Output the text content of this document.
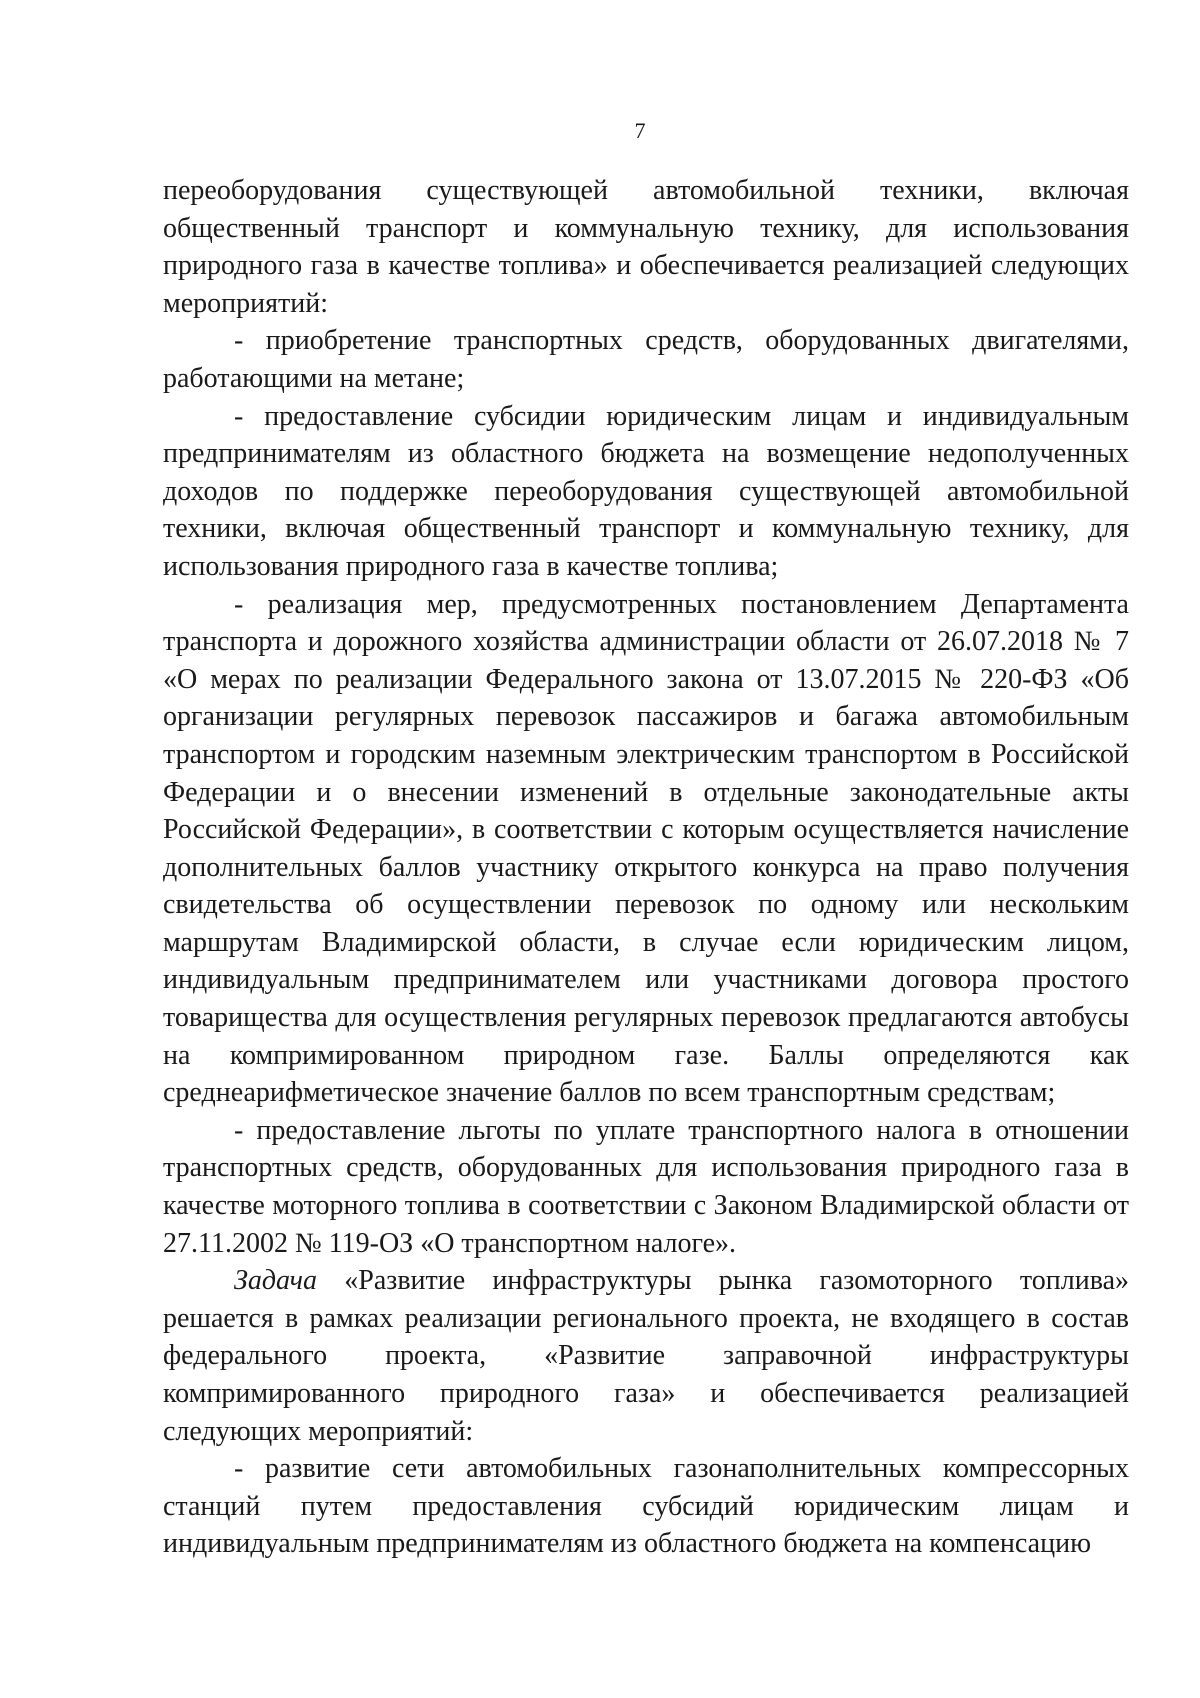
7

переоборудования существующей автомобильной техники, включая общественный транспорт и коммунальную технику, для использования природного газа в качестве топлива» и обеспечивается реализацией следующих мероприятий:

- приобретение транспортных средств, оборудованных двигателями, работающими на метане;

- предоставление субсидии юридическим лицам и индивидуальным предпринимателям из областного бюджета на возмещение недополученных доходов по поддержке переоборудования существующей автомобильной техники, включая общественный транспорт и коммунальную технику, для использования природного газа в качестве топлива;

- реализация мер, предусмотренных постановлением Департамента транспорта и дорожного хозяйства администрации области от 26.07.2018 № 7 «О мерах по реализации Федерального закона от 13.07.2015 № 220-ФЗ «Об организации регулярных перевозок пассажиров и багажа автомобильным транспортом и городским наземным электрическим транспортом в Российской Федерации и о внесении изменений в отдельные законодательные акты Российской Федерации», в соответствии с которым осуществляется начисление дополнительных баллов участнику открытого конкурса на право получения свидетельства об осуществлении перевозок по одному или нескольким маршрутам Владимирской области, в случае если юридическим лицом, индивидуальным предпринимателем или участниками договора простого товарищества для осуществления регулярных перевозок предлагаются автобусы на компримированном природном газе. Баллы определяются как среднеарифметическое значение баллов по всем транспортным средствам;

- предоставление льготы по уплате транспортного налога в отношении транспортных средств, оборудованных для использования природного газа в качестве моторного топлива в соответствии с Законом Владимирской области от 27.11.2002 № 119-ОЗ «О транспортном налоге».

Задача «Развитие инфраструктуры рынка газомоторного топлива» решается в рамках реализации регионального проекта, не входящего в состав федерального проекта, «Развитие заправочной инфраструктуры компримированного природного газа» и обеспечивается реализацией следующих мероприятий:

- развитие сети автомобильных газонаполнительных компрессорных станций путем предоставления субсидий юридическим лицам и индивидуальным предпринимателям из областного бюджета на компенсацию
